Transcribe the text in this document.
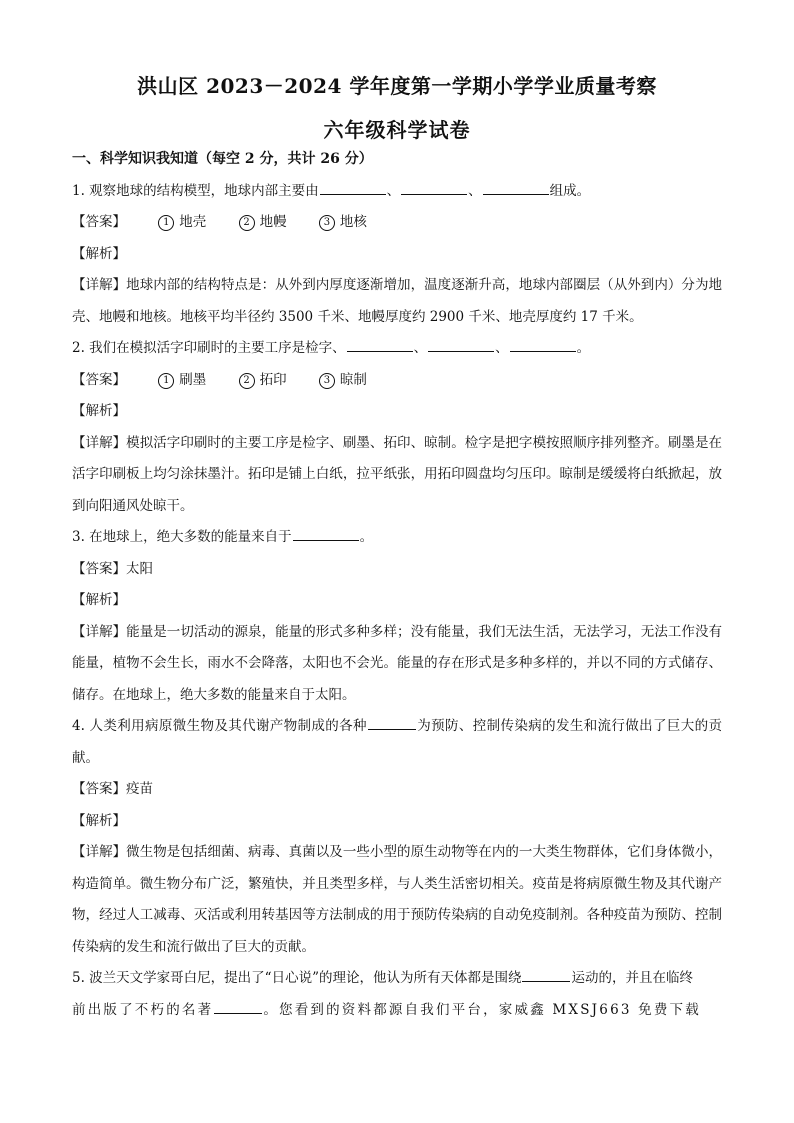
洪山区 2023－2024 学年度第一学期小学学业质量考察
六年级科学试卷
一、科学知识我知道（每空 2 分，共计 26 分）
1. 观察地球的结构模型，地球内部主要由	、	、	组成。
【答案】	1 地壳	2 地幔	3 地核
【解析】
【详解】地球内部的结构特点是：从外到内厚度逐渐增加，温度逐渐升高，地球内部圈层（从外到内）分为地壳、地幔和地核。地核平均半径约 3500 千米、地幔厚度约 2900 千米、地壳厚度约 17 千米。
2. 我们在模拟活字印刷时的主要工序是检字、	、	、	。
【答案】	1 刷墨	2 拓印	3 晾制
【解析】
【详解】模拟活字印刷时的主要工序是检字、刷墨、拓印、晾制。检字是把字模按照顺序排列整齐。刷墨是在活字印刷板上均匀涂抹墨汁。拓印是铺上白纸，拉平纸张，用拓印圆盘均匀压印。晾制是缓缓将白纸掀起，放到向阳通风处晾干。
3. 在地球上，绝大多数的能量来自于	。
【答案】太阳
【解析】
【详解】能量是一切活动的源泉，能量的形式多种多样；没有能量，我们无法生活，无法学习，无法工作没有能量，植物不会生长，雨水不会降落，太阳也不会光。能量的存在形式是多种多样的，并以不同的方式储存、储存。在地球上，绝大多数的能量来自于太阳。
4. 人类利用病原微生物及其代谢产物制成的各种	为预防、控制传染病的发生和流行做出了巨大的贡献。
【答案】疫苗
【解析】
【详解】微生物是包括细菌、病毒、真菌以及一些小型的原生动物等在内的一大类生物群体，它们身体微小，构造简单。微生物分布广泛，繁殖快，并且类型多样，与人类生活密切相关。疫苗是将病原微生物及其代谢产物，经过人工减毒、灭活或利用转基因等方法制成的用于预防传染病的自动免疫制剂。各种疫苗为预防、控制传染病的发生和流行做出了巨大的贡献。
5. 波兰天文学家哥白尼，提出了“日心说”的理论，他认为所有天体都是围绕	运动的，并且在临终
前出版了不朽的名著	。您看到的资料都源自我们平台，家威鑫 MXSJ663 免费下载
